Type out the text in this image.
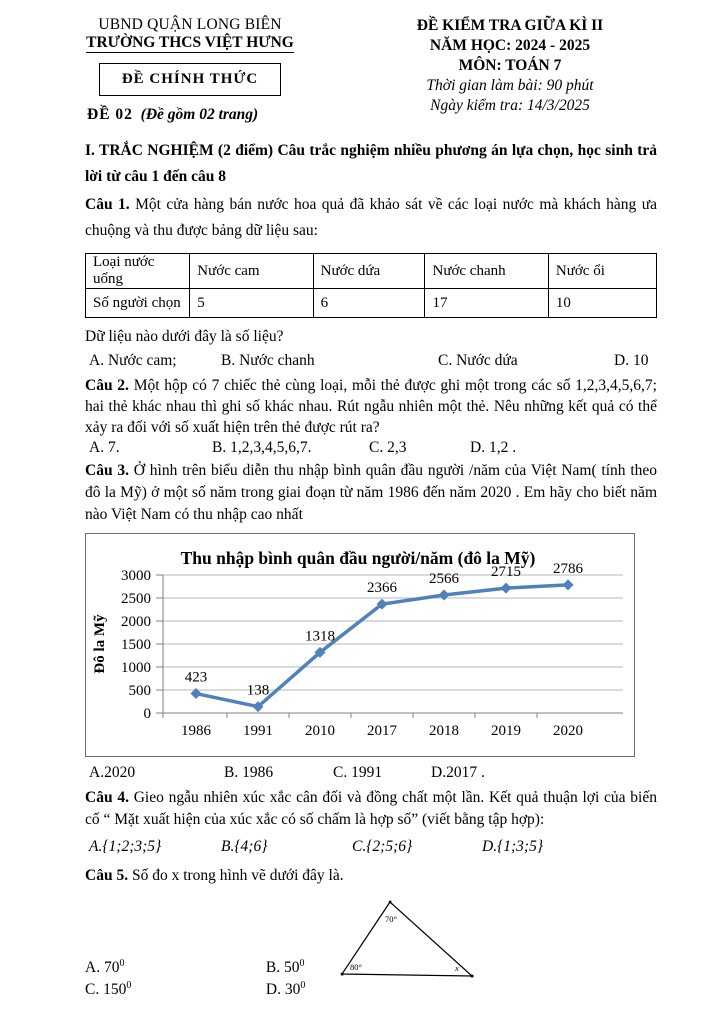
UBND QUẬN LONG BIÊN
TRƯỜNG THCS VIỆT HƯNG
ĐỀ CHÍNH THỨC
ĐỀ 02 (Đề gồm 02 trang)
ĐỀ KIỂM TRA GIỮA KÌ II
NĂM HỌC: 2024 - 2025
MÔN: TOÁN 7
Thời gian làm bài: 90 phút
Ngày kiểm tra: 14/3/2025

I. TRẮC NGHIỆM (2 điểm) Câu trắc nghiệm nhiều phương án lựa chọn, học sinh trả lời từ câu 1 đến câu 8

Câu 1. Một cửa hàng bán nước hoa quả đã khảo sát về các loại nước mà khách hàng ưa chuộng và thu được bảng dữ liệu sau:

Loại nước uống	Nước cam	Nước dứa	Nước chanh	Nước ổi
Số người chọn	5	6	17	10

Dữ liệu nào dưới đây là số liệu?

A. Nước cam;	B. Nước chanh	C. Nước dứa	D. 10

Câu 2. Một hộp có 7 chiếc thẻ cùng loại, mỗi thẻ được ghi một trong các số 1,2,3,4,5,6,7; hai thẻ khác nhau thì ghi số khác nhau. Rút ngẫu nhiên một thẻ. Nêu những kết quả có thể xảy ra đối với số xuất hiện trên thẻ được rút ra?

A. 7.	B. 1,2,3,4,5,6,7.	C. 2,3	D. 1,2 .

Câu 3. Ở hình trên biểu diễn thu nhập bình quân đầu người /năm của Việt Nam( tính theo đô la Mỹ) ở một số năm trong giai đoạn từ năm 1986 đến năm 2020 . Em hãy cho biết năm nào Việt Nam có thu nhập cao nhất

0
500
1000
1500
2000
2500
3000
1986 1991 2010 2017 2018 2019 2020
423
138
1318
2366
2566 2715 2786
Thu nhập bình quân đầu người/năm (đô la Mỹ)
Đô la Mỹ
A.2020	B. 1986	C. 1991	D.2017 .

Câu 4. Gieo ngẫu nhiên xúc xắc cân đối và đồng chất một lần. Kết quả thuận lợi của biến cố “ Mặt xuất hiện của xúc xắc có số chấm là hợp số” (viết bằng tập hợp):

A.{1;2;3;5}	B.{4;6}	C.{2;5;6}	D.{1;3;5}

Câu 5. Số đo x trong hình vẽ dưới đây là.

70°
80°	x
A. $70^0$	B. $50^0$
C. $150^0$	D. $30^0$
